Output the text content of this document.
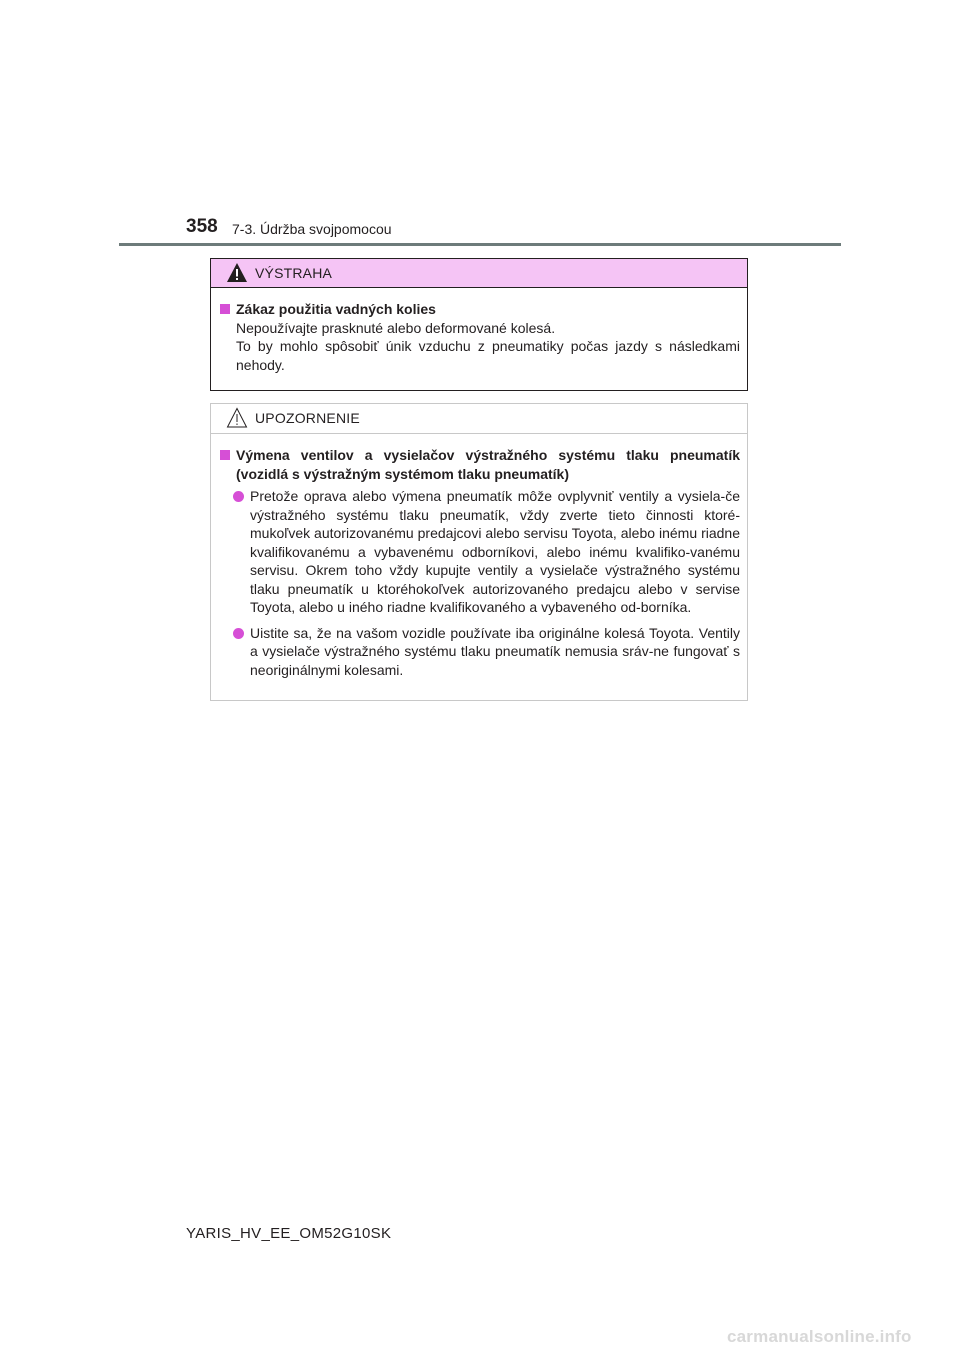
358 7-3. Údržba svojpomocou
VÝSTRAHA
Zákaz použitia vadných kolies
Nepoužívajte prasknuté alebo deformované kolesá.
To by mohlo spôsobiť únik vzduchu z pneumatiky počas jazdy s následkami nehody.
UPOZORNENIE
Výmena ventilov a vysielačov výstražného systému tlaku pneumatík (vozidlá s výstražným systémom tlaku pneumatík)
Pretože oprava alebo výmena pneumatík môže ovplyvniť ventily a vysiela-če výstražného systému tlaku pneumatík, vždy zverte tieto činnosti ktoré-mukoľvek autorizovanému predajcovi alebo servisu Toyota, alebo inému riadne kvalifikovanému a vybavenému odborníkovi, alebo inému kvalifiko-vanému servisu. Okrem toho vždy kupujte ventily a vysielače výstražného systému tlaku pneumatík u ktoréhokoľvek autorizovaného predajcu alebo v servise Toyota, alebo u iného riadne kvalifikovaného a vybaveného od-borníka.
Uistite sa, že na vašom vozidle používate iba originálne kolesá Toyota. Ventily a vysielače výstražného systému tlaku pneumatík nemusia sráv-ne fungovať s neoriginálnymi kolesami.
YARIS_HV_EE_OM52G10SK
carmanualsonline.info
